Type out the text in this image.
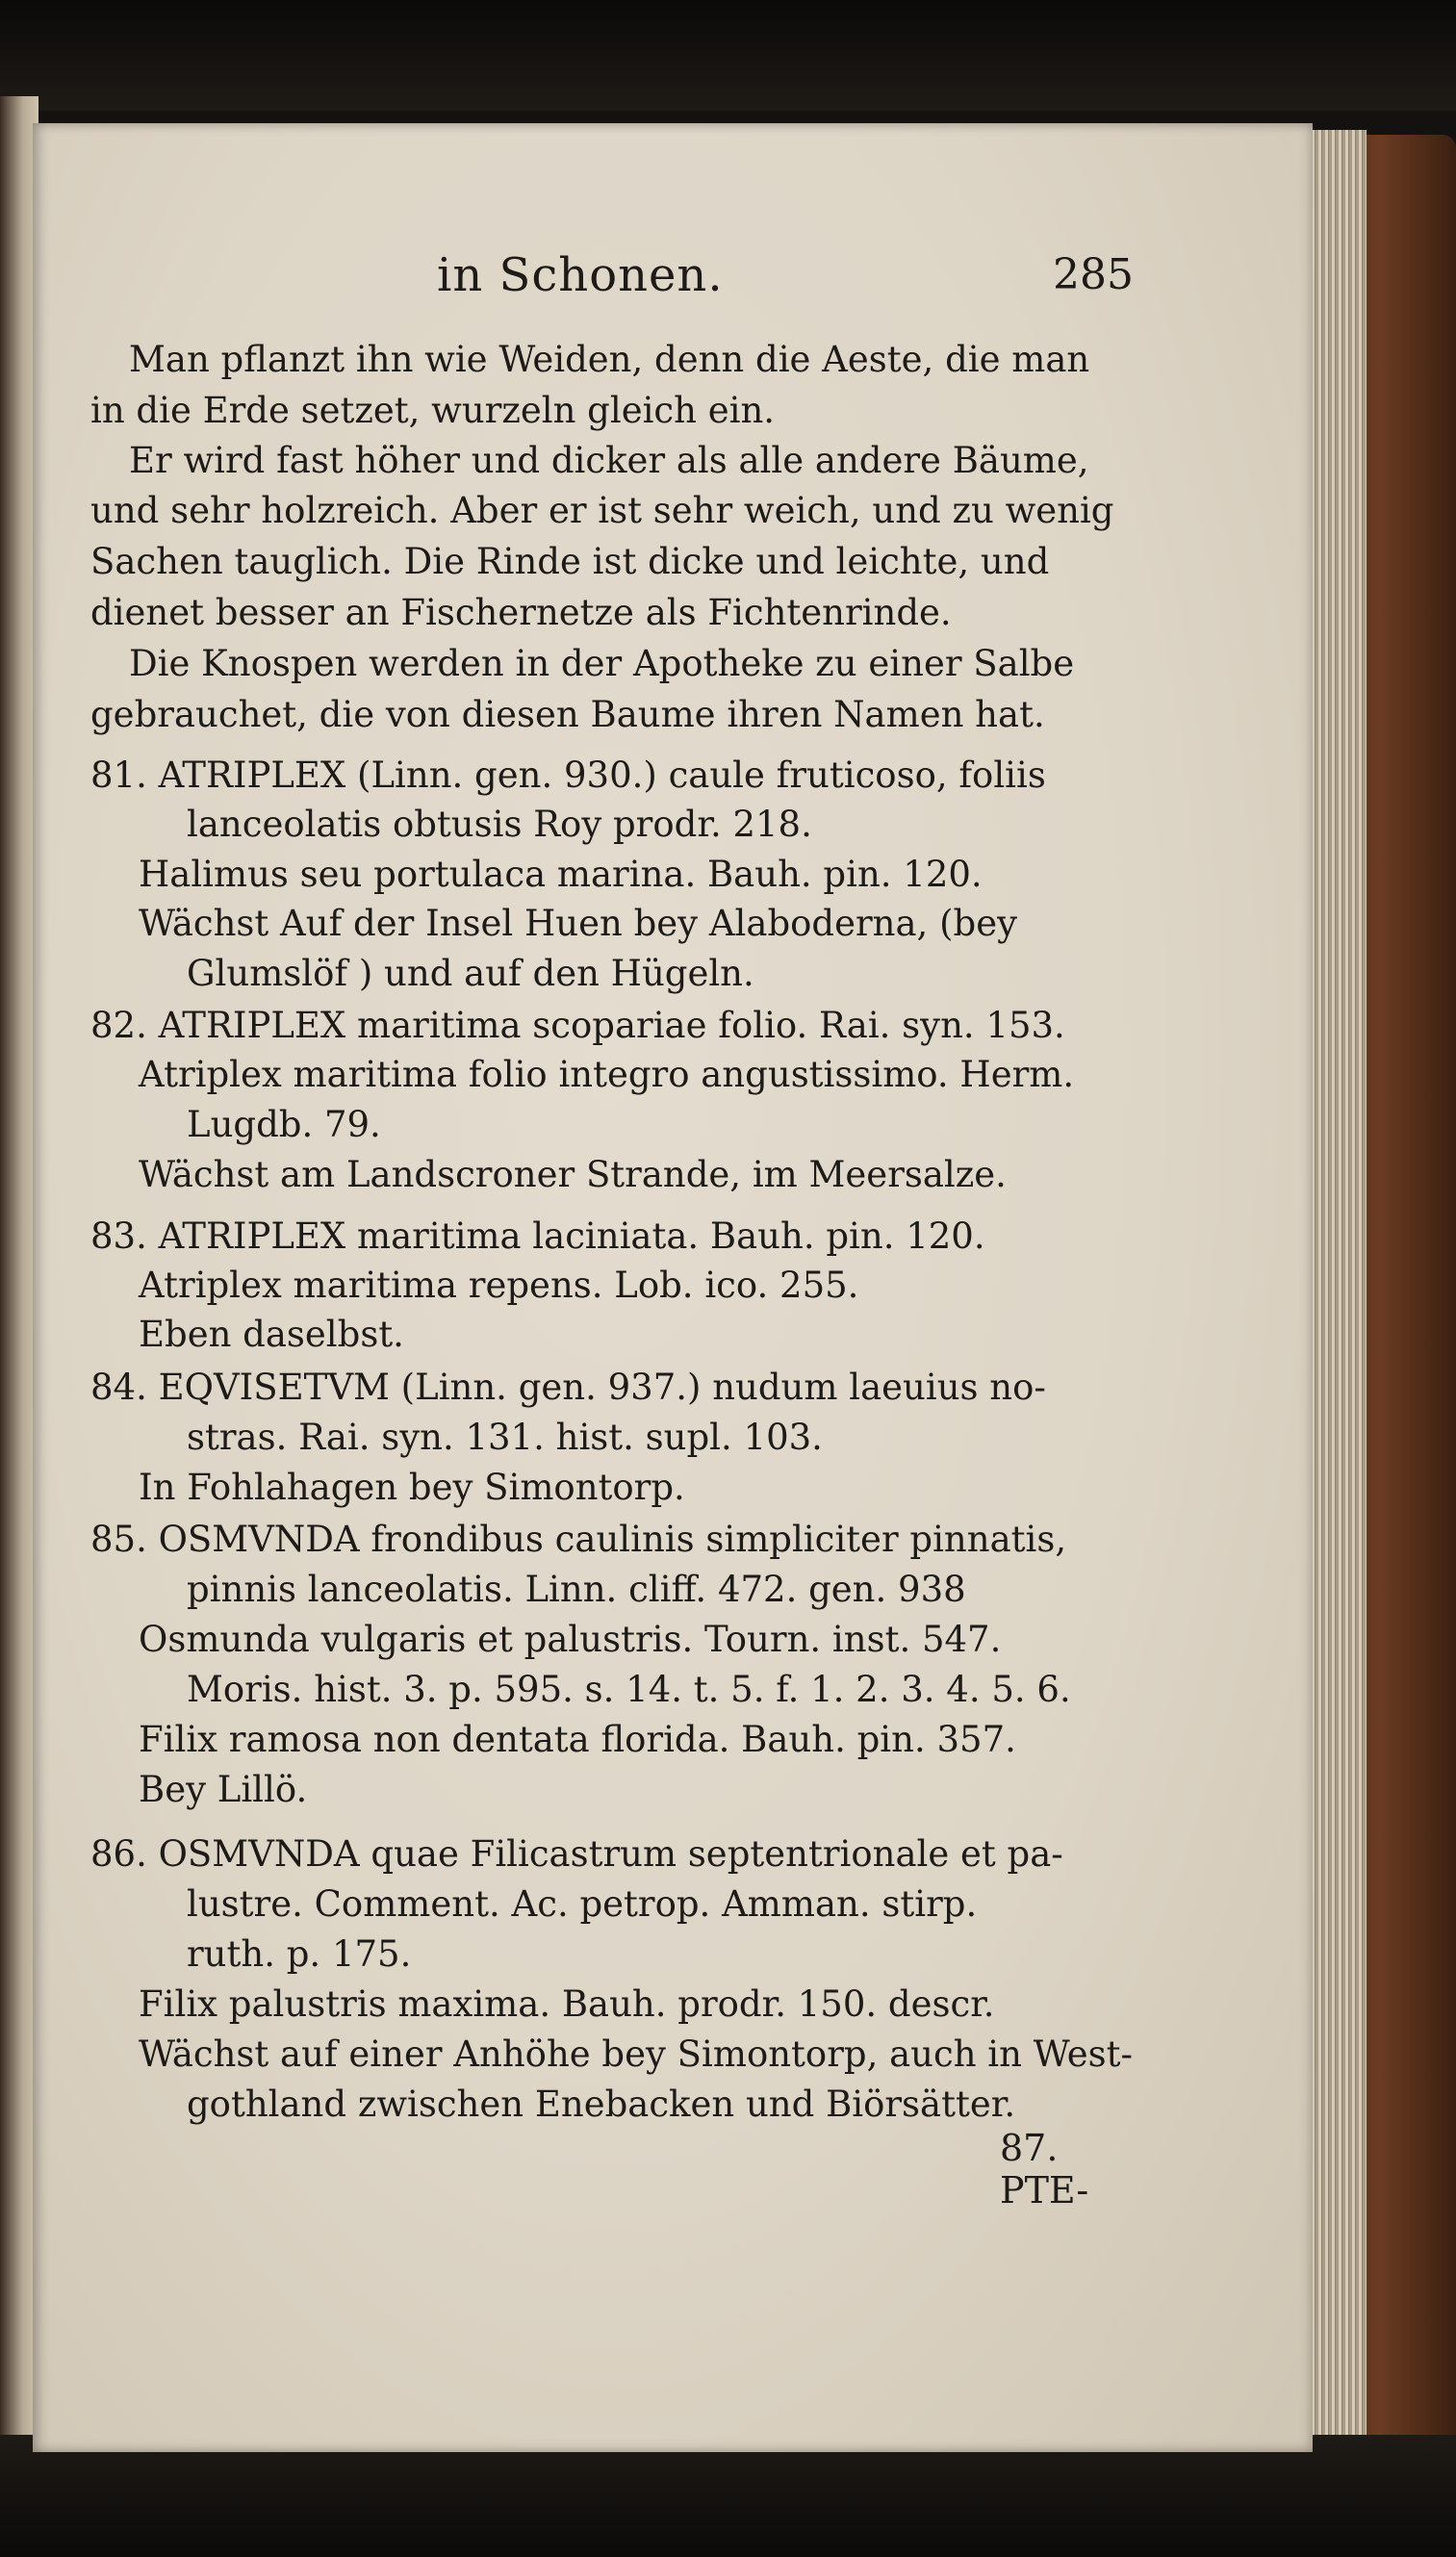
in Schonen.	285
Man pflanzt ihn wie Weiden, denn die Aeste, die man
in die Erde setzet, wurzeln gleich ein.
Er wird fast höher und dicker als alle andere Bäume,
und sehr holzreich. Aber er ist sehr weich, und zu wenig
Sachen tauglich. Die Rinde ist dicke und leichte, und
dienet besser an Fischernetze als Fichtenrinde.
Die Knospen werden in der Apotheke zu einer Salbe
gebrauchet, die von diesen Baume ihren Namen hat.
81. ATRIPLEX (Linn. gen. 930.) caule fruticoso, foliis
lanceolatis obtusis Roy prodr. 218.
Halimus seu portulaca marina. Bauh. pin. 120.
Wächst Auf der Insel Huen bey Alaboderna, (bey
Glumslöf ) und auf den Hügeln.
82. ATRIPLEX maritima scopariae folio. Rai. syn. 153.
Atriplex maritima folio integro angustissimo. Herm.
Lugdb. 79.
Wächst am Landscroner Strande, im Meersalze.
83. ATRIPLEX maritima laciniata. Bauh. pin. 120.
Atriplex maritima repens. Lob. ico. 255.
Eben daselbst.
84. EQVISETVM (Linn. gen. 937.) nudum laeuius no-
stras. Rai. syn. 131. hist. supl. 103.
In Fohlahagen bey Simontorp.
85. OSMVNDA frondibus caulinis simpliciter pinnatis,
pinnis lanceolatis. Linn. cliff. 472. gen. 938
Osmunda vulgaris et palustris. Tourn. inst. 547.
Moris. hist. 3. p. 595. s. 14. t. 5. f. 1. 2. 3. 4. 5. 6.
Filix ramosa non dentata florida. Bauh. pin. 357.
Bey Lillö.
86. OSMVNDA quae Filicastrum septentrionale et pa-
lustre. Comment. Ac. petrop. Amman. stirp.
ruth. p. 175.
Filix palustris maxima. Bauh. prodr. 150. descr.
Wächst auf einer Anhöhe bey Simontorp, auch in West-
gothland zwischen Enebacken und Biörsätter.
87. PTE-
